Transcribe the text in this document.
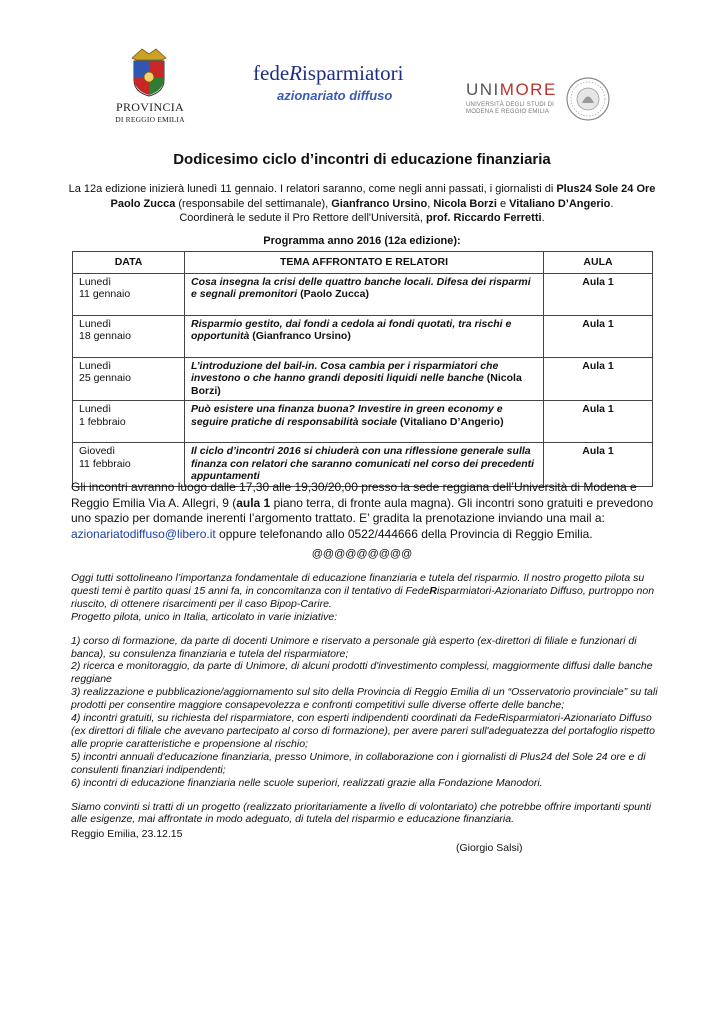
PROVINCIA
DI REGGIO EMILIA
fedeRisparmiatori
azionariato diffuso	UNIMORE
UNIVERSITÀ DEGLI STUDI DI
MODENA E REGGIO EMILIA
Dodicesimo ciclo d’incontri di educazione finanziaria
La 12a edizione inizierà lunedì 11 gennaio. I relatori saranno, come negli anni passati, i giornalisti di Plus24 Sole 24 Ore Paolo Zucca (responsabile del settimanale), Gianfranco Ursino, Nicola Borzi e Vitaliano D’Angerio.
Coordinerà le sedute il Pro Rettore dell'Università, prof. Riccardo Ferretti.
Programma anno 2016 (12a edizione):
DATA	TEMA AFFRONTATO E RELATORI	AULA
Lunedì
11 gennaio	Cosa insegna la crisi delle quattro banche locali. Difesa dei risparmi e segnali premonitori (Paolo Zucca)	Aula 1
Lunedì
18 gennaio	Risparmio gestito, dai fondi a cedola ai fondi quotati, tra rischi e opportunità (Gianfranco Ursino)	Aula 1
Lunedì
25 gennaio	L’introduzione del bail-in. Cosa cambia per i risparmiatori che investono o che hanno grandi depositi liquidi nelle banche (Nicola Borzi)	Aula 1
Lunedì
1 febbraio	Può esistere una finanza buona? Investire in green economy e seguire pratiche di responsabilità sociale (Vitaliano D’Angerio)	Aula 1
Giovedì
11 febbraio	Il ciclo d’incontri 2016 si chiuderà con una riflessione generale sulla finanza con relatori che saranno comunicati nel corso dei precedenti appuntamenti	Aula 1
Gli incontri avranno luogo dalle 17,30 alle 19,30/20,00 presso la sede reggiana dell’Università di Modena e Reggio Emilia Via A. Allegri, 9 (aula 1 piano terra, di fronte aula magna). Gli incontri sono gratuiti e prevedono uno spazio per domande inerenti l’argomento trattato. E’ gradita la prenotazione inviando una mail a: azionariatodiffuso@libero.it oppure telefonando allo 0522/444666 della Provincia di Reggio Emilia.
@@@@@@@@@

Oggi tutti sottolineano l’importanza fondamentale di educazione finanziaria e tutela del risparmio. Il nostro progetto pilota su questi temi è partito quasi 15 anni fa, in concomitanza con il tentativo di FedeRisparmiatori-Azionariato Diffuso, purtroppo non riuscito, di ottenere risarcimenti per il caso Bipop-Carire.
Progetto pilota, unico in Italia, articolato in varie iniziative:

1) corso di formazione, da parte di docenti Unimore e riservato a personale già esperto (ex-direttori di filiale e funzionari di banca), su consulenza finanziaria e tutela del risparmiatore;
2) ricerca e monitoraggio, da parte di Unimore, di alcuni prodotti d'investimento complessi, maggiormente diffusi dalle banche reggiane
3) realizzazione e pubblicazione/aggiornamento sul sito della Provincia di Reggio Emilia di un “Osservatorio provinciale” su tali prodotti per consentire maggiore consapevolezza e confronti competitivi sulle diverse offerte delle banche;
4) incontri gratuiti, su richiesta del risparmiatore, con esperti indipendenti coordinati da FedeRisparmiatori-Azionariato Diffuso (ex direttori di filiale che avevano partecipato al corso di formazione), per avere pareri sull'adeguatezza del portafoglio rispetto alle proprie caratteristiche e propensione al rischio;
5) incontri annuali d'educazione finanziaria, presso Unimore, in collaborazione con i giornalisti di Plus24 del Sole 24 ore e di consulenti finanziari indipendenti;
6) incontri di educazione finanziaria nelle scuole superiori, realizzati grazie alla Fondazione Manodori.

Siamo convinti si tratti di un progetto (realizzato prioritariamente a livello di volontariato) che potrebbe offrire importanti spunti alle esigenze, mai affrontate in modo adeguato, di tutela del risparmio e educazione finanziaria.

Reggio Emilia, 23.12.15
(Giorgio Salsi)
